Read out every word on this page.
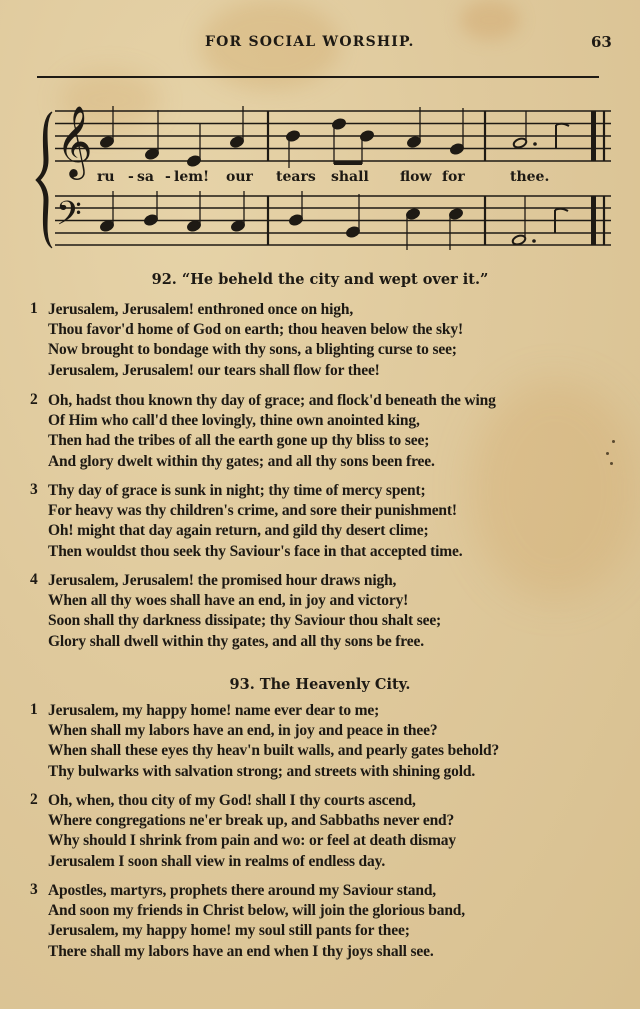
FOR SOCIAL WORSHIP.	63
𝄞
𝄢
ru - sa - lem! our tears shall flow for	thee.
92. “He beheld the city and wept over it.”
1 Jerusalem, Jerusalem! enthroned once on high,
Thou favor'd home of God on earth; thou heaven below the sky!
Now brought to bondage with thy sons, a blighting curse to see;
Jerusalem, Jerusalem! our tears shall flow for thee!
2 Oh, hadst thou known thy day of grace; and flock'd beneath the wing
Of Him who call'd thee lovingly, thine own anointed king,
Then had the tribes of all the earth gone up thy bliss to see;
And glory dwelt within thy gates; and all thy sons been free.
3 Thy day of grace is sunk in night; thy time of mercy spent;
For heavy was thy children's crime, and sore their punishment!
Oh! might that day again return, and gild thy desert clime;
Then wouldst thou seek thy Saviour's face in that accepted time.
4 Jerusalem, Jerusalem! the promised hour draws nigh,
When all thy woes shall have an end, in joy and victory!
Soon shall thy darkness dissipate; thy Saviour thou shalt see;
Glory shall dwell within thy gates, and all thy sons be free.
93. The Heavenly City.
1 Jerusalem, my happy home! name ever dear to me;
When shall my labors have an end, in joy and peace in thee?
When shall these eyes thy heav'n built walls, and pearly gates behold?
Thy bulwarks with salvation strong; and streets with shining gold.
2 Oh, when, thou city of my God! shall I thy courts ascend,
Where congregations ne'er break up, and Sabbaths never end?
Why should I shrink from pain and wo: or feel at death dismay
Jerusalem I soon shall view in realms of endless day.
3 Apostles, martyrs, prophets there around my Saviour stand,
And soon my friends in Christ below, will join the glorious band,
Jerusalem, my happy home! my soul still pants for thee;
There shall my labors have an end when I thy joys shall see.
